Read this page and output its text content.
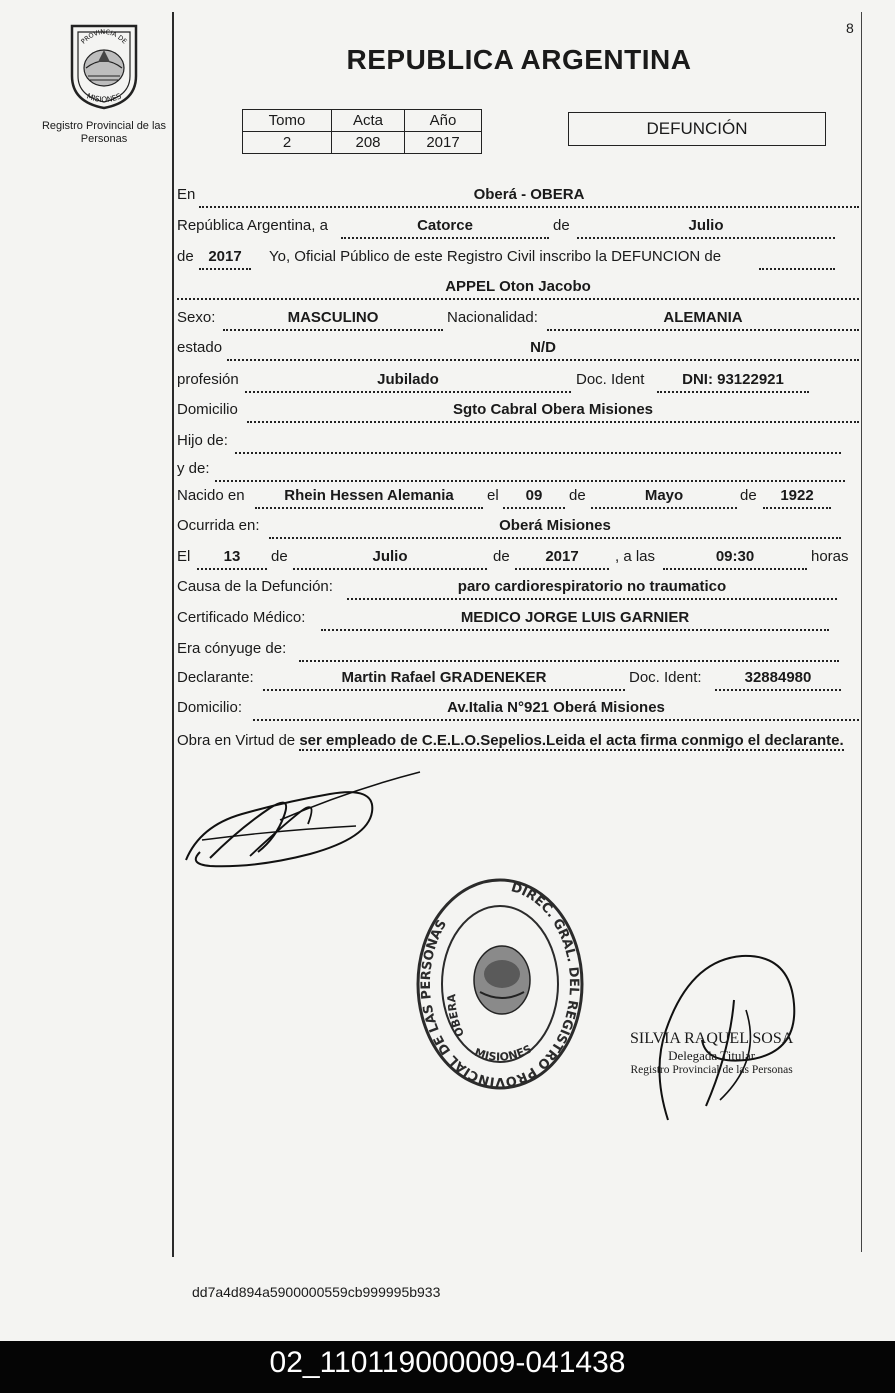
8
PROVINCIA DE
MISIONES
Registro Provincial de las Personas
REPUBLICA ARGENTINA
Tomo	Acta	Año
2	208	2017
DEFUNCIÓN
En	Oberá - OBERA
República Argentina, a	Catorce	de	Julio
de 2017	Yo, Oficial Público de este Registro Civil inscribo la DEFUNCION de
APPEL Oton Jacobo
Sexo:	MASCULINO	Nacionalidad:	ALEMANIA
estado	N/D
profesión	Jubilado	Doc. Ident	DNI: 93122921
Domicilio	Sgto Cabral Obera Misiones
Hijo de:
y de:
Nacido en	Rhein Hessen Alemania	el	09	de	Mayo	de	1922
Ocurrida en:	Oberá Misiones
El	13	de	Julio	de	2017	, a las	09:30	horas
Causa de la Defunción:	paro cardiorespiratorio no traumatico
Certificado Médico:	MEDICO JORGE LUIS GARNIER
Era cónyuge de:
Declarante:	Martin Rafael GRADENEKER	Doc. Ident:	32884980
Domicilio:	Av.Italia N°921 Oberá Misiones
Obra en Virtud de ser empleado de C.E.L.O.Sepelios.Leida el acta firma conmigo el declarante.
DIREC. GRAL. DEL REGISTRO PROVINCIAL DE LAS PERSONAS
OBERA
MISIONES
SILVIA RAQUEL SOSA
Delegada Titular
Registro Provincial de las Personas
dd7a4d894a5900000559cb999995b933
02_110119000009-041438
